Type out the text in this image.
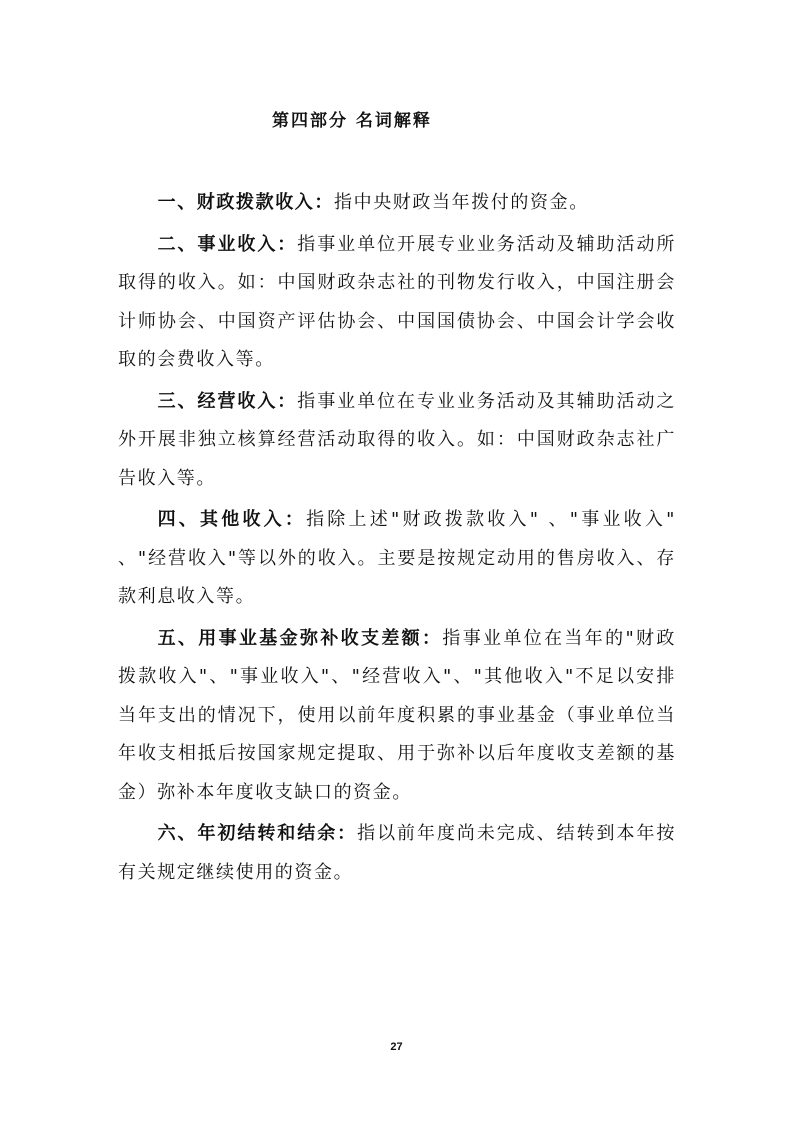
第四部分 名词解释

一、财政拨款收入：指中央财政当年拨付的资金。

二、事业收入：指事业单位开展专业业务活动及辅助活动所取得的收入。如：中国财政杂志社的刊物发行收入，中国注册会计师协会、中国资产评估协会、中国国债协会、中国会计学会收取的会费收入等。

三、经营收入：指事业单位在专业业务活动及其辅助活动之外开展非独立核算经营活动取得的收入。如：中国财政杂志社广告收入等。

四、其他收入：指除上述"财政拨款收入" 、"事业收入" 、"经营收入"等以外的收入。主要是按规定动用的售房收入、存款利息收入等。

五、用事业基金弥补收支差额：指事业单位在当年的"财政拨款收入"、"事业收入"、"经营收入"、"其他收入"不足以安排当年支出的情况下，使用以前年度积累的事业基金（事业单位当年收支相抵后按国家规定提取、用于弥补以后年度收支差额的基金）弥补本年度收支缺口的资金。

六、年初结转和结余：指以前年度尚未完成、结转到本年按有关规定继续使用的资金。

27
